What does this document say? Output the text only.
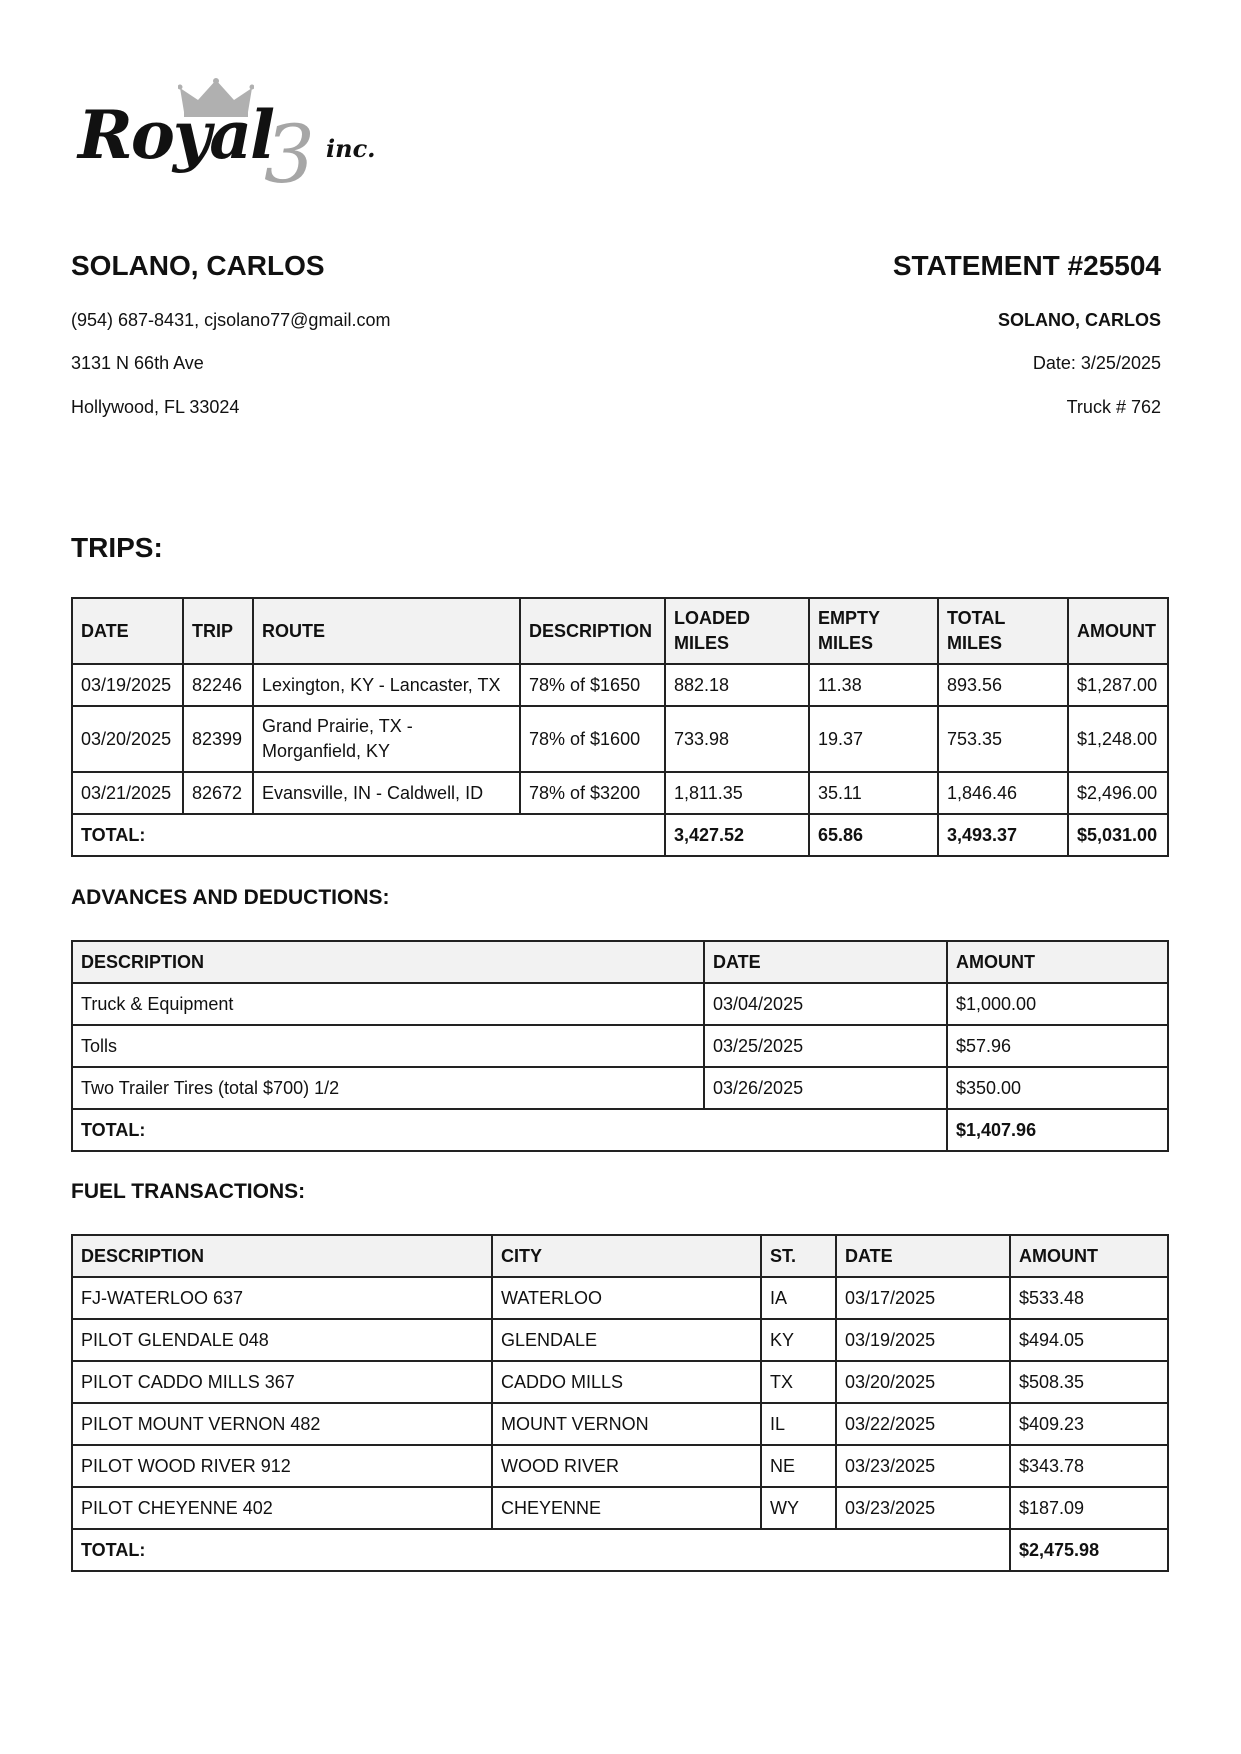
3
Royal inc.
SOLANO, CARLOS	STATEMENT #25504
(954) 687-8431, cjsolano77@gmail.com
3131 N 66th Ave
Hollywood, FL 33024
SOLANO, CARLOS
Date: 3/25/2025
Truck # 762
TRIPS:
DATE	TRIP	ROUTE	DESCRIPTION	LOADED MILES	EMPTY MILES	TOTAL MILES	AMOUNT
03/19/2025	82246	Lexington, KY - Lancaster, TX	78% of $1650	882.18	11.38	893.56	$1,287.00
03/20/2025	82399	Grand Prairie, TX - Morganfield, KY	78% of $1600	733.98	19.37	753.35	$1,248.00
03/21/2025	82672	Evansville, IN - Caldwell, ID	78% of $3200	1,811.35	35.11	1,846.46	$2,496.00
TOTAL:				3,427.52	65.86	3,493.37	$5,031.00
ADVANCES AND DEDUCTIONS:
DESCRIPTION	DATE	AMOUNT
Truck & Equipment	03/04/2025	$1,000.00
Tolls	03/25/2025	$57.96
Two Trailer Tires (total $700) 1/2	03/26/2025	$350.00
TOTAL:		$1,407.96
FUEL TRANSACTIONS:
DESCRIPTION	CITY	ST.	DATE	AMOUNT
FJ-WATERLOO 637	WATERLOO	IA	03/17/2025	$533.48
PILOT GLENDALE 048	GLENDALE	KY	03/19/2025	$494.05
PILOT CADDO MILLS 367	CADDO MILLS	TX	03/20/2025	$508.35
PILOT MOUNT VERNON 482	MOUNT VERNON	IL	03/22/2025	$409.23
PILOT WOOD RIVER 912	WOOD RIVER	NE	03/23/2025	$343.78
PILOT CHEYENNE 402	CHEYENNE	WY	03/23/2025	$187.09
TOTAL:				$2,475.98
